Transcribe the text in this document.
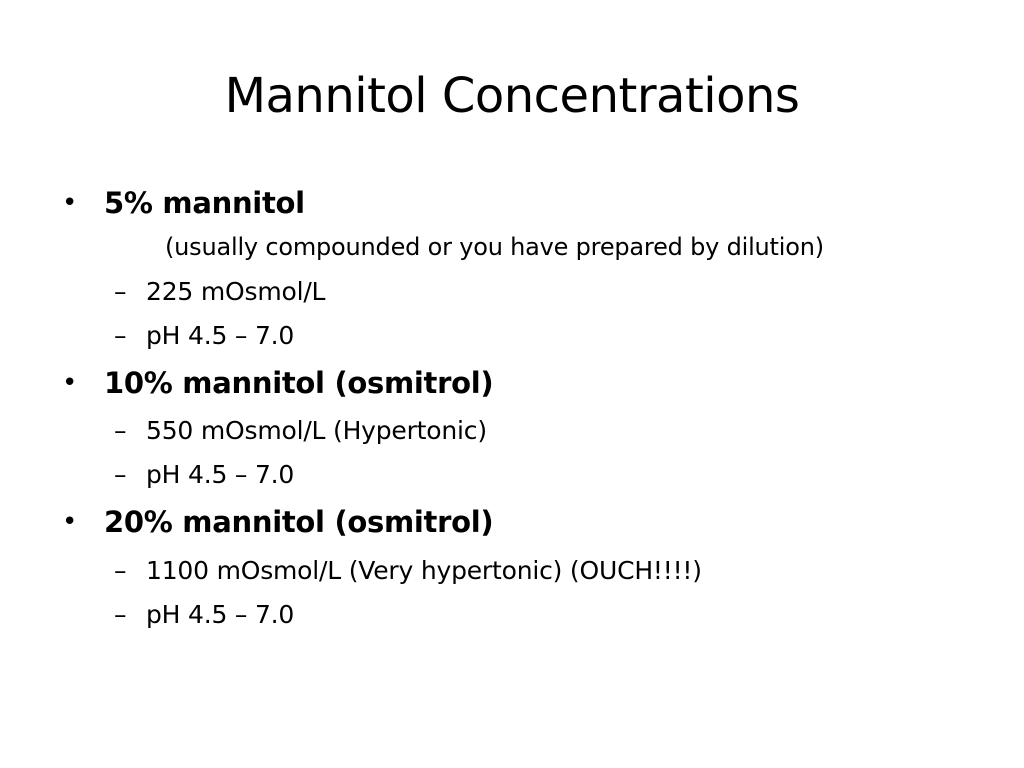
Mannitol Concentrations
• 5% mannitol
(usually compounded or you have prepared by dilution)
– 225 mOsmol/L
– pH 4.5 – 7.0
• 10% mannitol (osmitrol)
– 550 mOsmol/L (Hypertonic)
– pH 4.5 – 7.0
• 20% mannitol (osmitrol)
– 1100 mOsmol/L (Very hypertonic) (OUCH!!!!)
– pH 4.5 – 7.0
